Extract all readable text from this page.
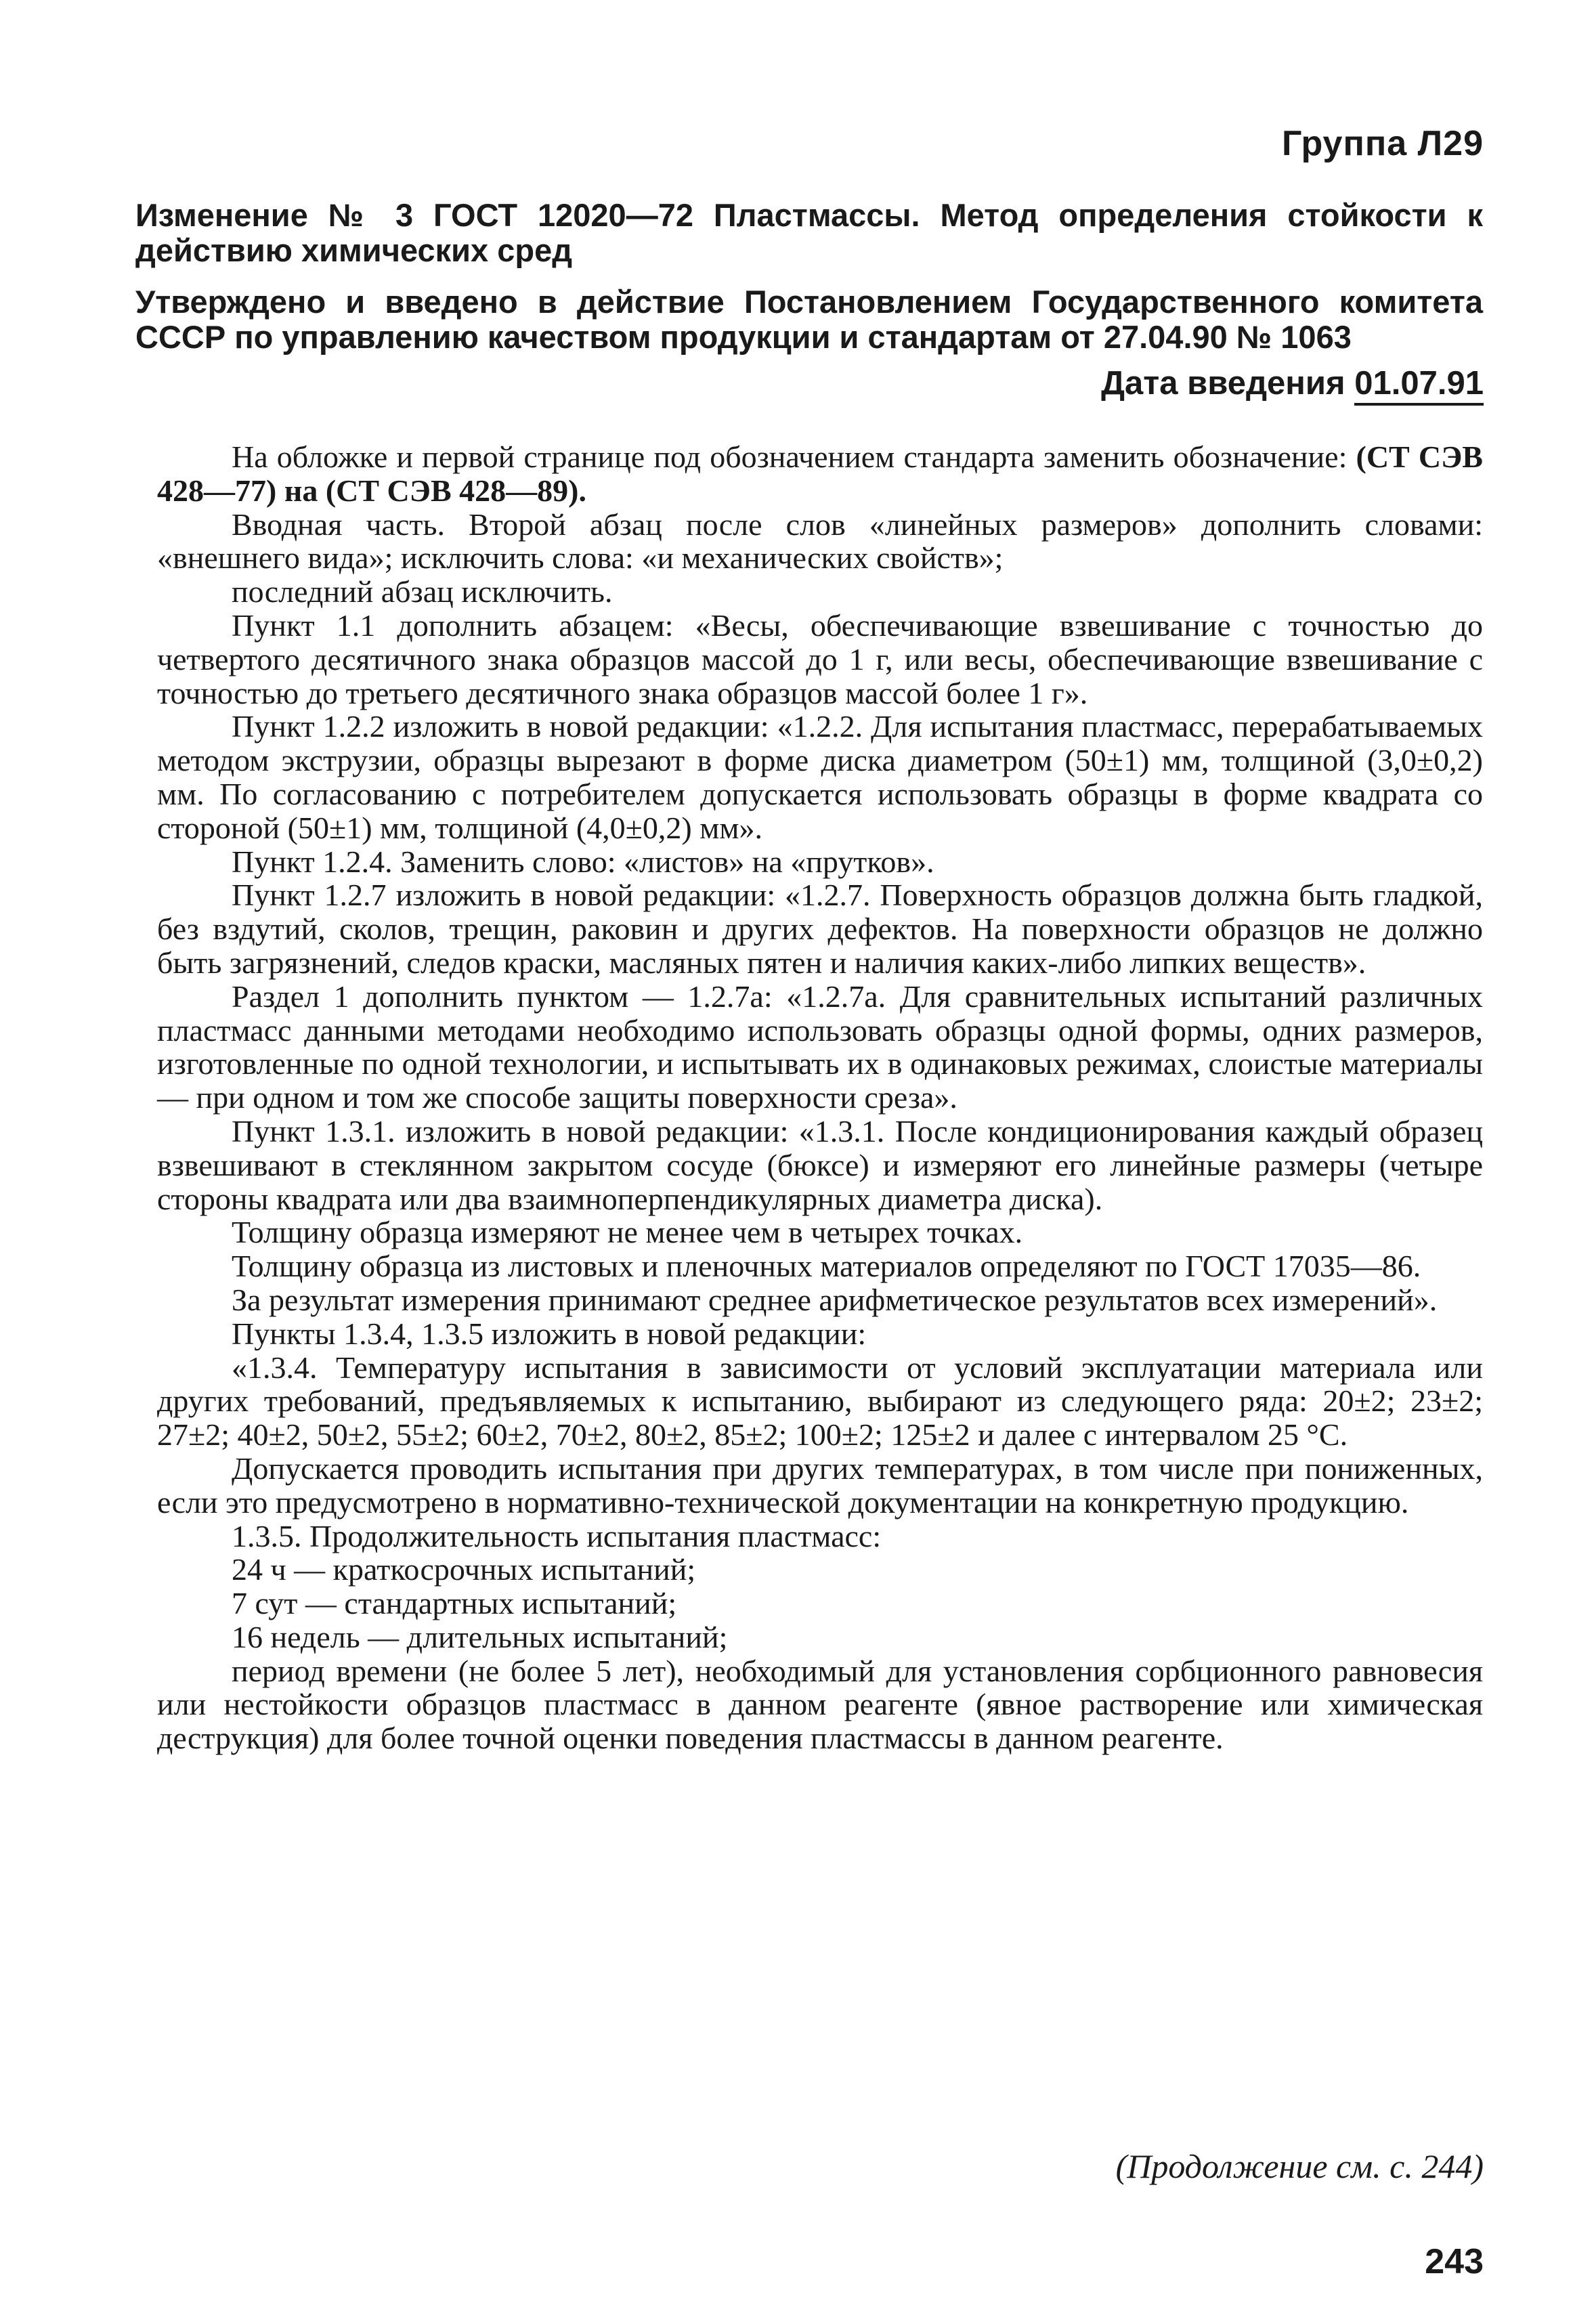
Группа Л29
Изменение № 3 ГОСТ 12020—72 Пластмассы. Метод определения стойкости к действию химических сред
Утверждено и введено в действие Постановлением Государственного комитета СССР по управлению качеством продукции и стандартам от 27.04.90 № 1063
Дата введения 01.07.91

На обложке и первой странице под обозначением стандарта заменить обозначение: (СТ СЭВ 428—77) на (СТ СЭВ 428—89).

Вводная часть. Второй абзац после слов «линейных размеров» дополнить словами: «внешнего вида»; исключить слова: «и механических свойств»;

последний абзац исключить.

Пункт 1.1 дополнить абзацем: «Весы, обеспечивающие взвешивание с точностью до четвертого десятичного знака образцов массой до 1 г, или весы, обеспечивающие взвешивание с точностью до третьего десятичного знака образцов массой более 1 г».

Пункт 1.2.2 изложить в новой редакции: «1.2.2. Для испытания пластмасс, перерабатываемых методом экструзии, образцы вырезают в форме диска диаметром (50±1) мм, толщиной (3,0±0,2) мм. По согласованию с потребителем допускается использовать образцы в форме квадрата со стороной (50±1) мм, толщиной (4,0±0,2) мм».

Пункт 1.2.4. Заменить слово: «листов» на «прутков».

Пункт 1.2.7 изложить в новой редакции: «1.2.7. Поверхность образцов должна быть гладкой, без вздутий, сколов, трещин, раковин и других дефектов. На поверхности образцов не должно быть загрязнений, следов краски, масляных пятен и наличия каких-либо липких веществ».

Раздел 1 дополнить пунктом — 1.2.7а: «1.2.7а. Для сравнительных испытаний различных пластмасс данными методами необходимо использовать образцы одной формы, одних размеров, изготовленные по одной технологии, и испытывать их в одинаковых режимах, слоистые материалы — при одном и том же способе защиты поверхности среза».

Пункт 1.3.1. изложить в новой редакции: «1.3.1. После кондиционирования каждый образец взвешивают в стеклянном закрытом сосуде (бюксе) и измеряют его линейные размеры (четыре стороны квадрата или два взаимноперпендикулярных диаметра диска).

Толщину образца измеряют не менее чем в четырех точках.

Толщину образца из листовых и пленочных материалов определяют по ГОСТ 17035—86.

За результат измерения принимают среднее арифметическое результатов всех измерений».

Пункты 1.3.4, 1.3.5 изложить в новой редакции:

«1.3.4. Температуру испытания в зависимости от условий эксплуатации материала или других требований, предъявляемых к испытанию, выбирают из следующего ряда: 20±2; 23±2; 27±2; 40±2, 50±2, 55±2; 60±2, 70±2, 80±2, 85±2; 100±2; 125±2 и далее с интервалом 25 °С.

Допускается проводить испытания при других температурах, в том числе при пониженных, если это предусмотрено в нормативно-технической документации на конкретную продукцию.

1.3.5. Продолжительность испытания пластмасс:

24 ч — краткосрочных испытаний;

7 сут — стандартных испытаний;

16 недель — длительных испытаний;

период времени (не более 5 лет), необходимый для установления сорбционного равновесия или нестойкости образцов пластмасс в данном реагенте (явное растворение или химическая деструкция) для более точной оценки поведения пластмассы в данном реагенте.

(Продолжение см. с. 244)
243
